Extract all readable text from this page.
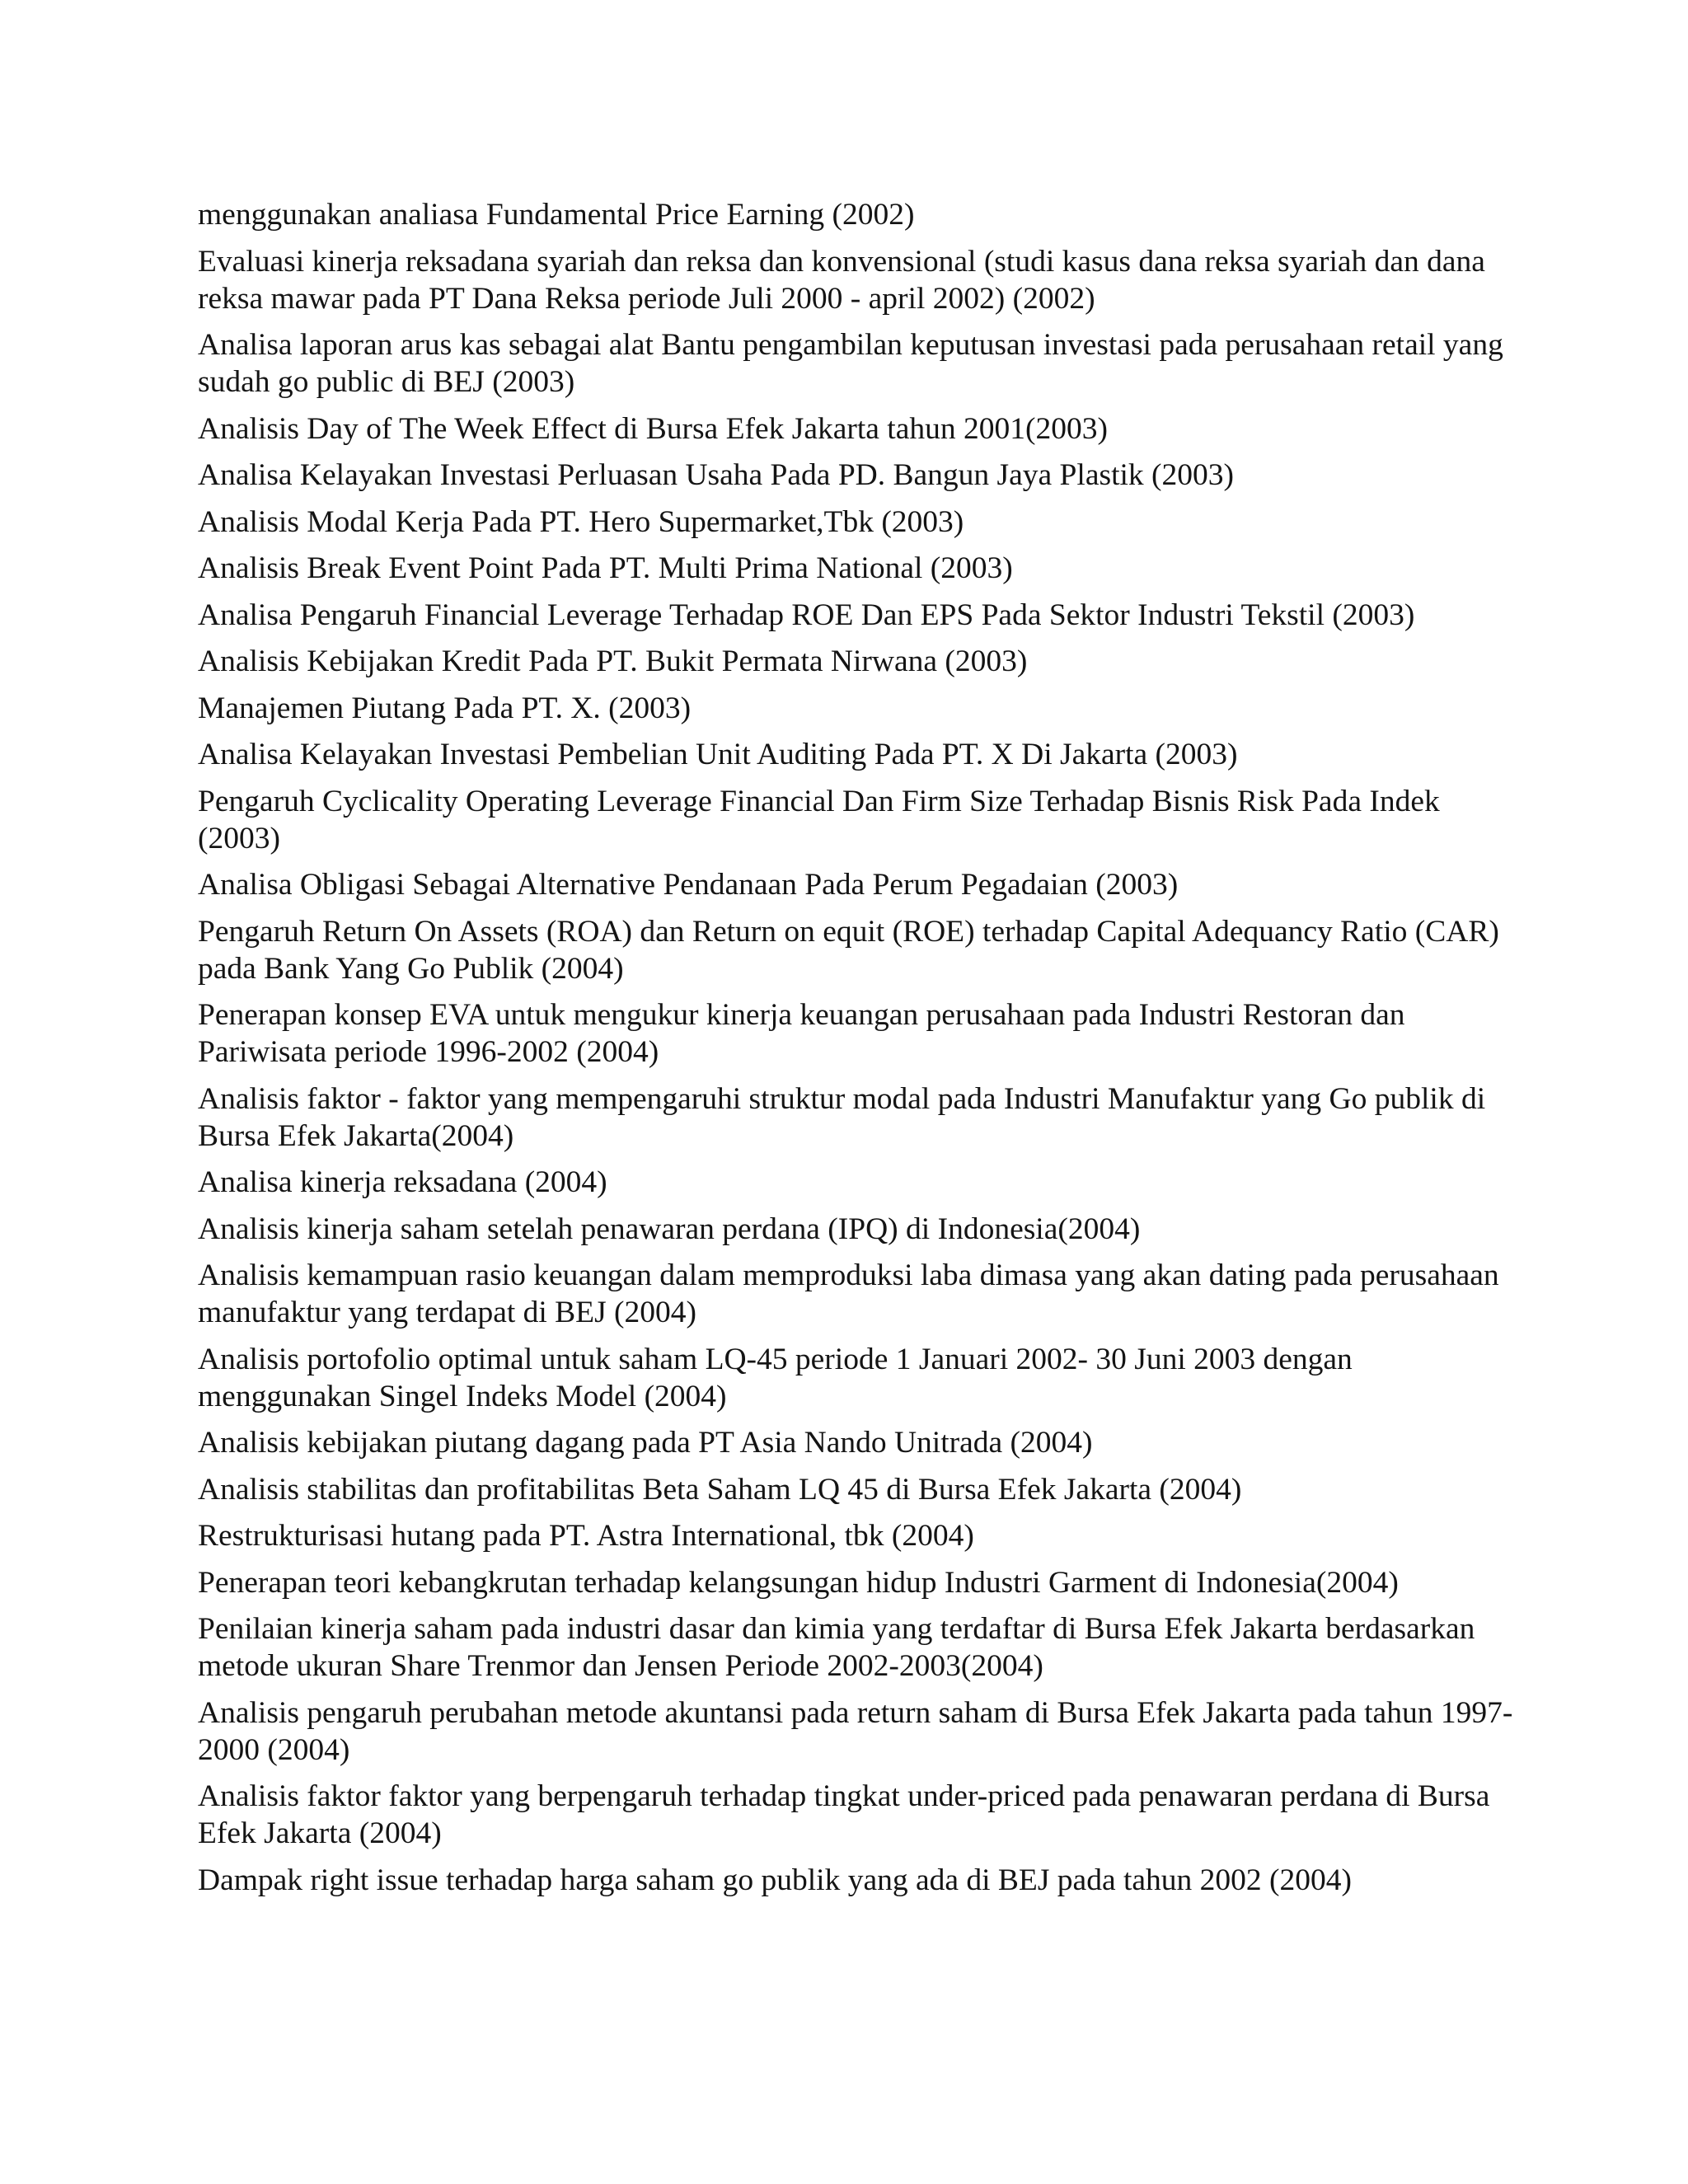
menggunakan analiasa Fundamental Price Earning (2002)
Evaluasi kinerja reksadana syariah dan reksa dan konvensional (studi kasus dana reksa syariah dan dana reksa mawar pada PT Dana Reksa periode Juli 2000 - april 2002) (2002)
Analisa laporan arus kas sebagai alat Bantu pengambilan keputusan investasi pada perusahaan retail yang sudah go public di BEJ (2003)
Analisis Day of The Week Effect di Bursa Efek Jakarta tahun 2001(2003)
Analisa Kelayakan Investasi Perluasan Usaha Pada PD. Bangun Jaya Plastik (2003)
Analisis Modal Kerja Pada PT. Hero Supermarket,Tbk (2003)
Analisis Break Event Point Pada PT. Multi Prima National (2003)
Analisa Pengaruh Financial Leverage Terhadap ROE Dan EPS Pada Sektor Industri Tekstil (2003)
Analisis Kebijakan Kredit Pada PT. Bukit Permata Nirwana (2003)
Manajemen Piutang Pada PT. X. (2003)
Analisa Kelayakan Investasi Pembelian Unit Auditing Pada PT. X Di Jakarta (2003)
Pengaruh Cyclicality Operating Leverage Financial Dan Firm Size Terhadap Bisnis Risk Pada Indek (2003)
Analisa Obligasi Sebagai Alternative Pendanaan Pada Perum Pegadaian (2003)
Pengaruh Return On Assets (ROA) dan Return on equit (ROE) terhadap Capital Adequancy Ratio (CAR) pada Bank Yang Go Publik (2004)
Penerapan konsep EVA untuk mengukur kinerja keuangan perusahaan pada Industri Restoran dan Pariwisata periode 1996-2002 (2004)
Analisis faktor - faktor yang mempengaruhi struktur modal pada Industri Manufaktur yang Go publik di Bursa Efek Jakarta(2004)
Analisa kinerja reksadana (2004)
Analisis kinerja saham setelah penawaran perdana (IPQ) di Indonesia(2004)
Analisis kemampuan rasio keuangan dalam memproduksi laba dimasa yang akan dating pada perusahaan manufaktur yang terdapat di BEJ (2004)
Analisis portofolio optimal untuk saham LQ-45 periode 1 Januari 2002- 30 Juni 2003 dengan menggunakan Singel Indeks Model (2004)
Analisis kebijakan piutang dagang pada PT Asia Nando Unitrada (2004)
Analisis stabilitas dan profitabilitas Beta Saham LQ 45 di Bursa Efek Jakarta (2004)
Restrukturisasi hutang pada PT. Astra International, tbk (2004)
Penerapan teori kebangkrutan terhadap kelangsungan hidup Industri Garment di Indonesia(2004)
Penilaian kinerja saham pada industri dasar dan kimia yang terdaftar di Bursa Efek Jakarta berdasarkan metode ukuran Share Trenmor dan Jensen Periode 2002-2003(2004)
Analisis pengaruh perubahan metode akuntansi pada return saham di Bursa Efek Jakarta pada tahun 1997- 2000 (2004)
Analisis faktor faktor yang berpengaruh terhadap tingkat under-priced pada penawaran perdana di Bursa Efek Jakarta (2004)
Dampak right issue terhadap harga saham go publik yang ada di BEJ pada tahun 2002 (2004)
